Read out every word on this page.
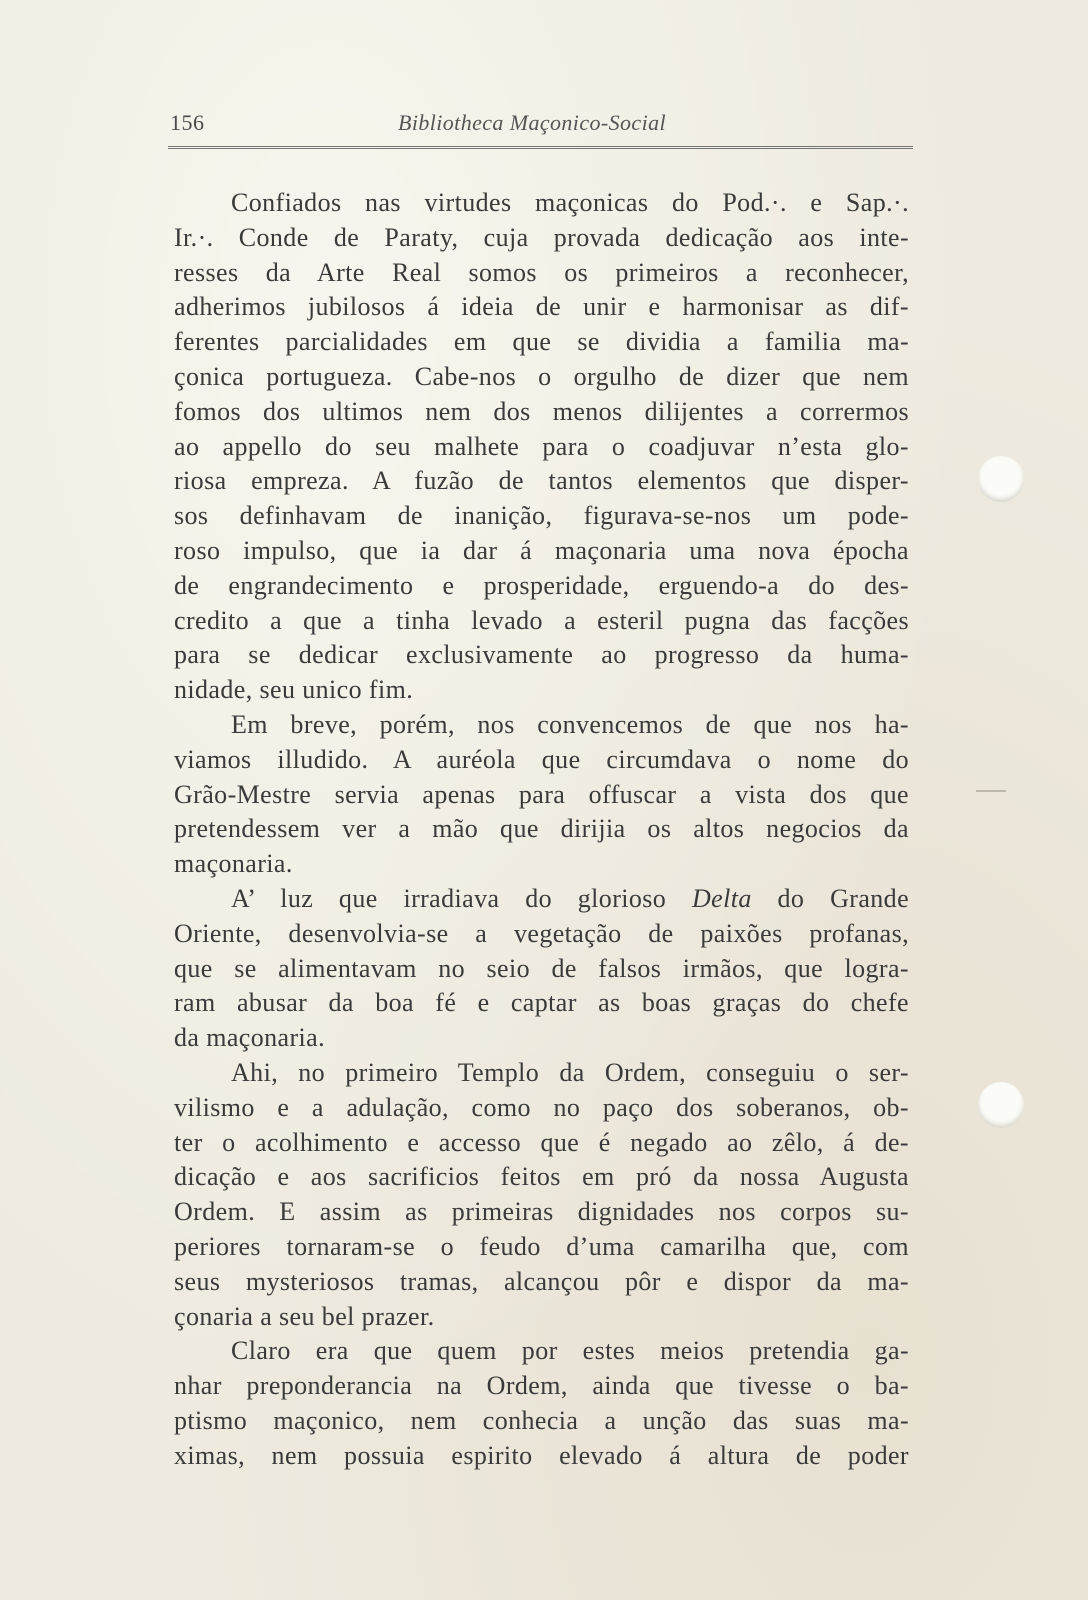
156	Bibliotheca Maçonico-Social
Confiados nas virtudes maçonicas do Pod.·. e Sap.·.
Ir.·. Conde de Paraty, cuja provada dedicação aos inte-
resses da Arte Real somos os primeiros a reconhecer,
adherimos jubilosos á ideia de unir e harmonisar as dif-
ferentes parcialidades em que se dividia a familia ma-
çonica portugueza. Cabe-nos o orgulho de dizer que nem
fomos dos ultimos nem dos menos dilijentes a corrermos
ao appello do seu malhete para o coadjuvar n’esta glo-
riosa empreza. A fuzão de tantos elementos que disper-
sos definhavam de inanição, figurava-se-nos um pode-
roso impulso, que ia dar á maçonaria uma nova épocha
de engrandecimento e prosperidade, erguendo-a do des-
credito a que a tinha levado a esteril pugna das facções
para se dedicar exclusivamente ao progresso da huma-
nidade, seu unico fim.
Em breve, porém, nos convencemos de que nos ha-
viamos illudido. A auréola que circumdava o nome do
Grão-Mestre servia apenas para offuscar a vista dos que
pretendessem ver a mão que dirijia os altos negocios da
maçonaria.
A’ luz que irradiava do glorioso Delta do Grande
Oriente, desenvolvia-se a vegetação de paixões profanas,
que se alimentavam no seio de falsos irmãos, que logra-
ram abusar da boa fé e captar as boas graças do chefe
da maçonaria.
Ahi, no primeiro Templo da Ordem, conseguiu o ser-
vilismo e a adulação, como no paço dos soberanos, ob-
ter o acolhimento e accesso que é negado ao zêlo, á de-
dicação e aos sacrificios feitos em pró da nossa Augusta
Ordem. E assim as primeiras dignidades nos corpos su-
periores tornaram-se o feudo d’uma camarilha que, com
seus mysteriosos tramas, alcançou pôr e dispor da ma-
çonaria a seu bel prazer.
Claro era que quem por estes meios pretendia ga-
nhar preponderancia na Ordem, ainda que tivesse o ba-
ptismo maçonico, nem conhecia a unção das suas ma-
ximas, nem possuia espirito elevado á altura de poder
